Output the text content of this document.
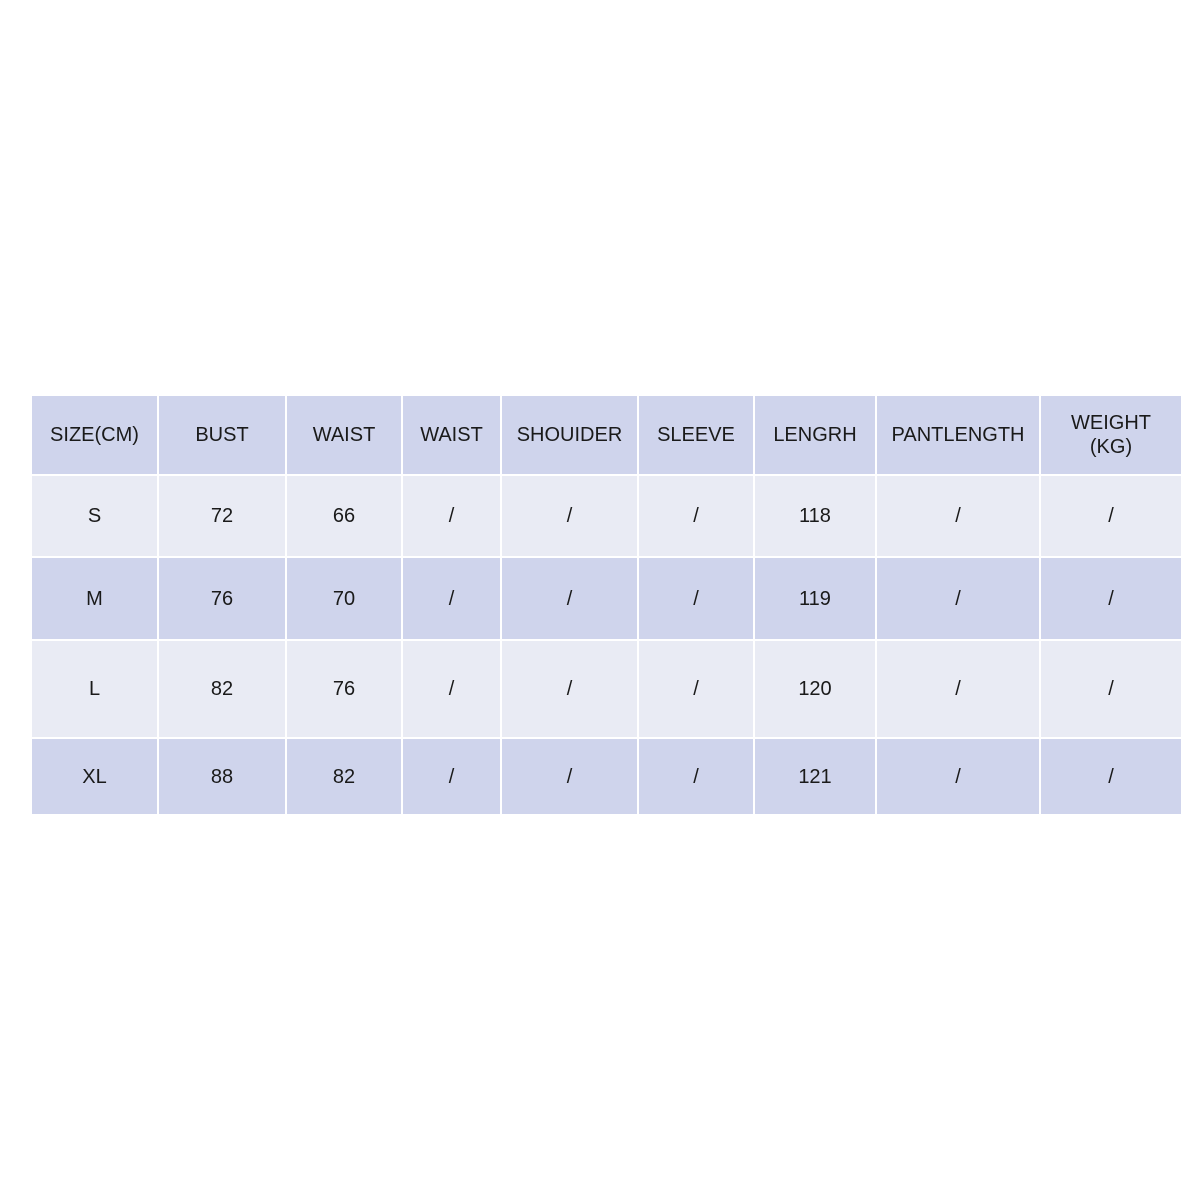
SIZE(CM)	BUST	WAIST	WAIST	SHOUIDER	SLEEVE	LENGRH	PANTLENGTH	WEIGHT
(KG)

S	72	66	/	/	/	118	/	/
M	76	70	/	/	/	119	/	/
L	82	76	/	/	/	120	/	/
XL	88	82	/	/	/	121	/	/
